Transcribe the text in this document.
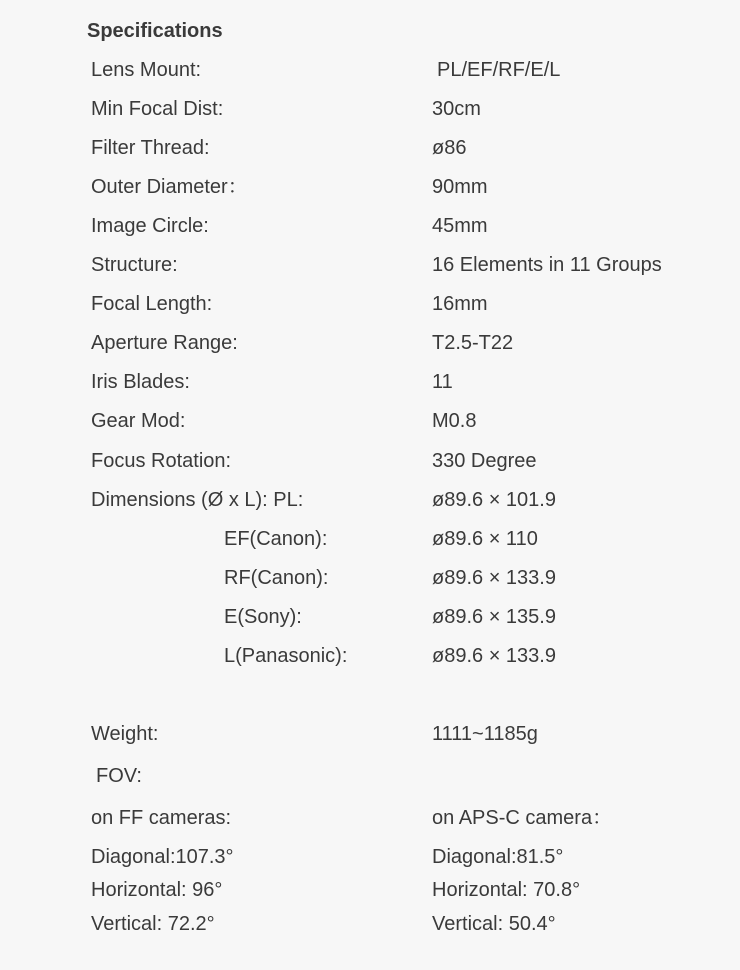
Specifications
Lens Mount:	PL/EF/RF/E/L
Min Focal Dist:	30cm
Filter Thread:	ø86
Outer Diameter：	90mm
Image Circle:	45mm
Structure:	16 Elements in 11 Groups
Focal Length:	16mm
Aperture Range:	T2.5-T22
Iris Blades:	11
Gear Mod:	M0.8
Focus Rotation:	330 Degree
Dimensions (Ø x L): PL:	ø89.6 × 101.9
EF(Canon):	ø89.6 × 110
RF(Canon):	ø89.6 × 133.9
E(Sony):	ø89.6 × 135.9
L(Panasonic):	ø89.6 × 133.9
Weight:	1111~1185g
FOV:
on FF cameras:	on APS-C camera：
Diagonal:107.3°	Diagonal:81.5°
Horizontal: 96°	Horizontal: 70.8°
Vertical: 72.2°	Vertical: 50.4°
